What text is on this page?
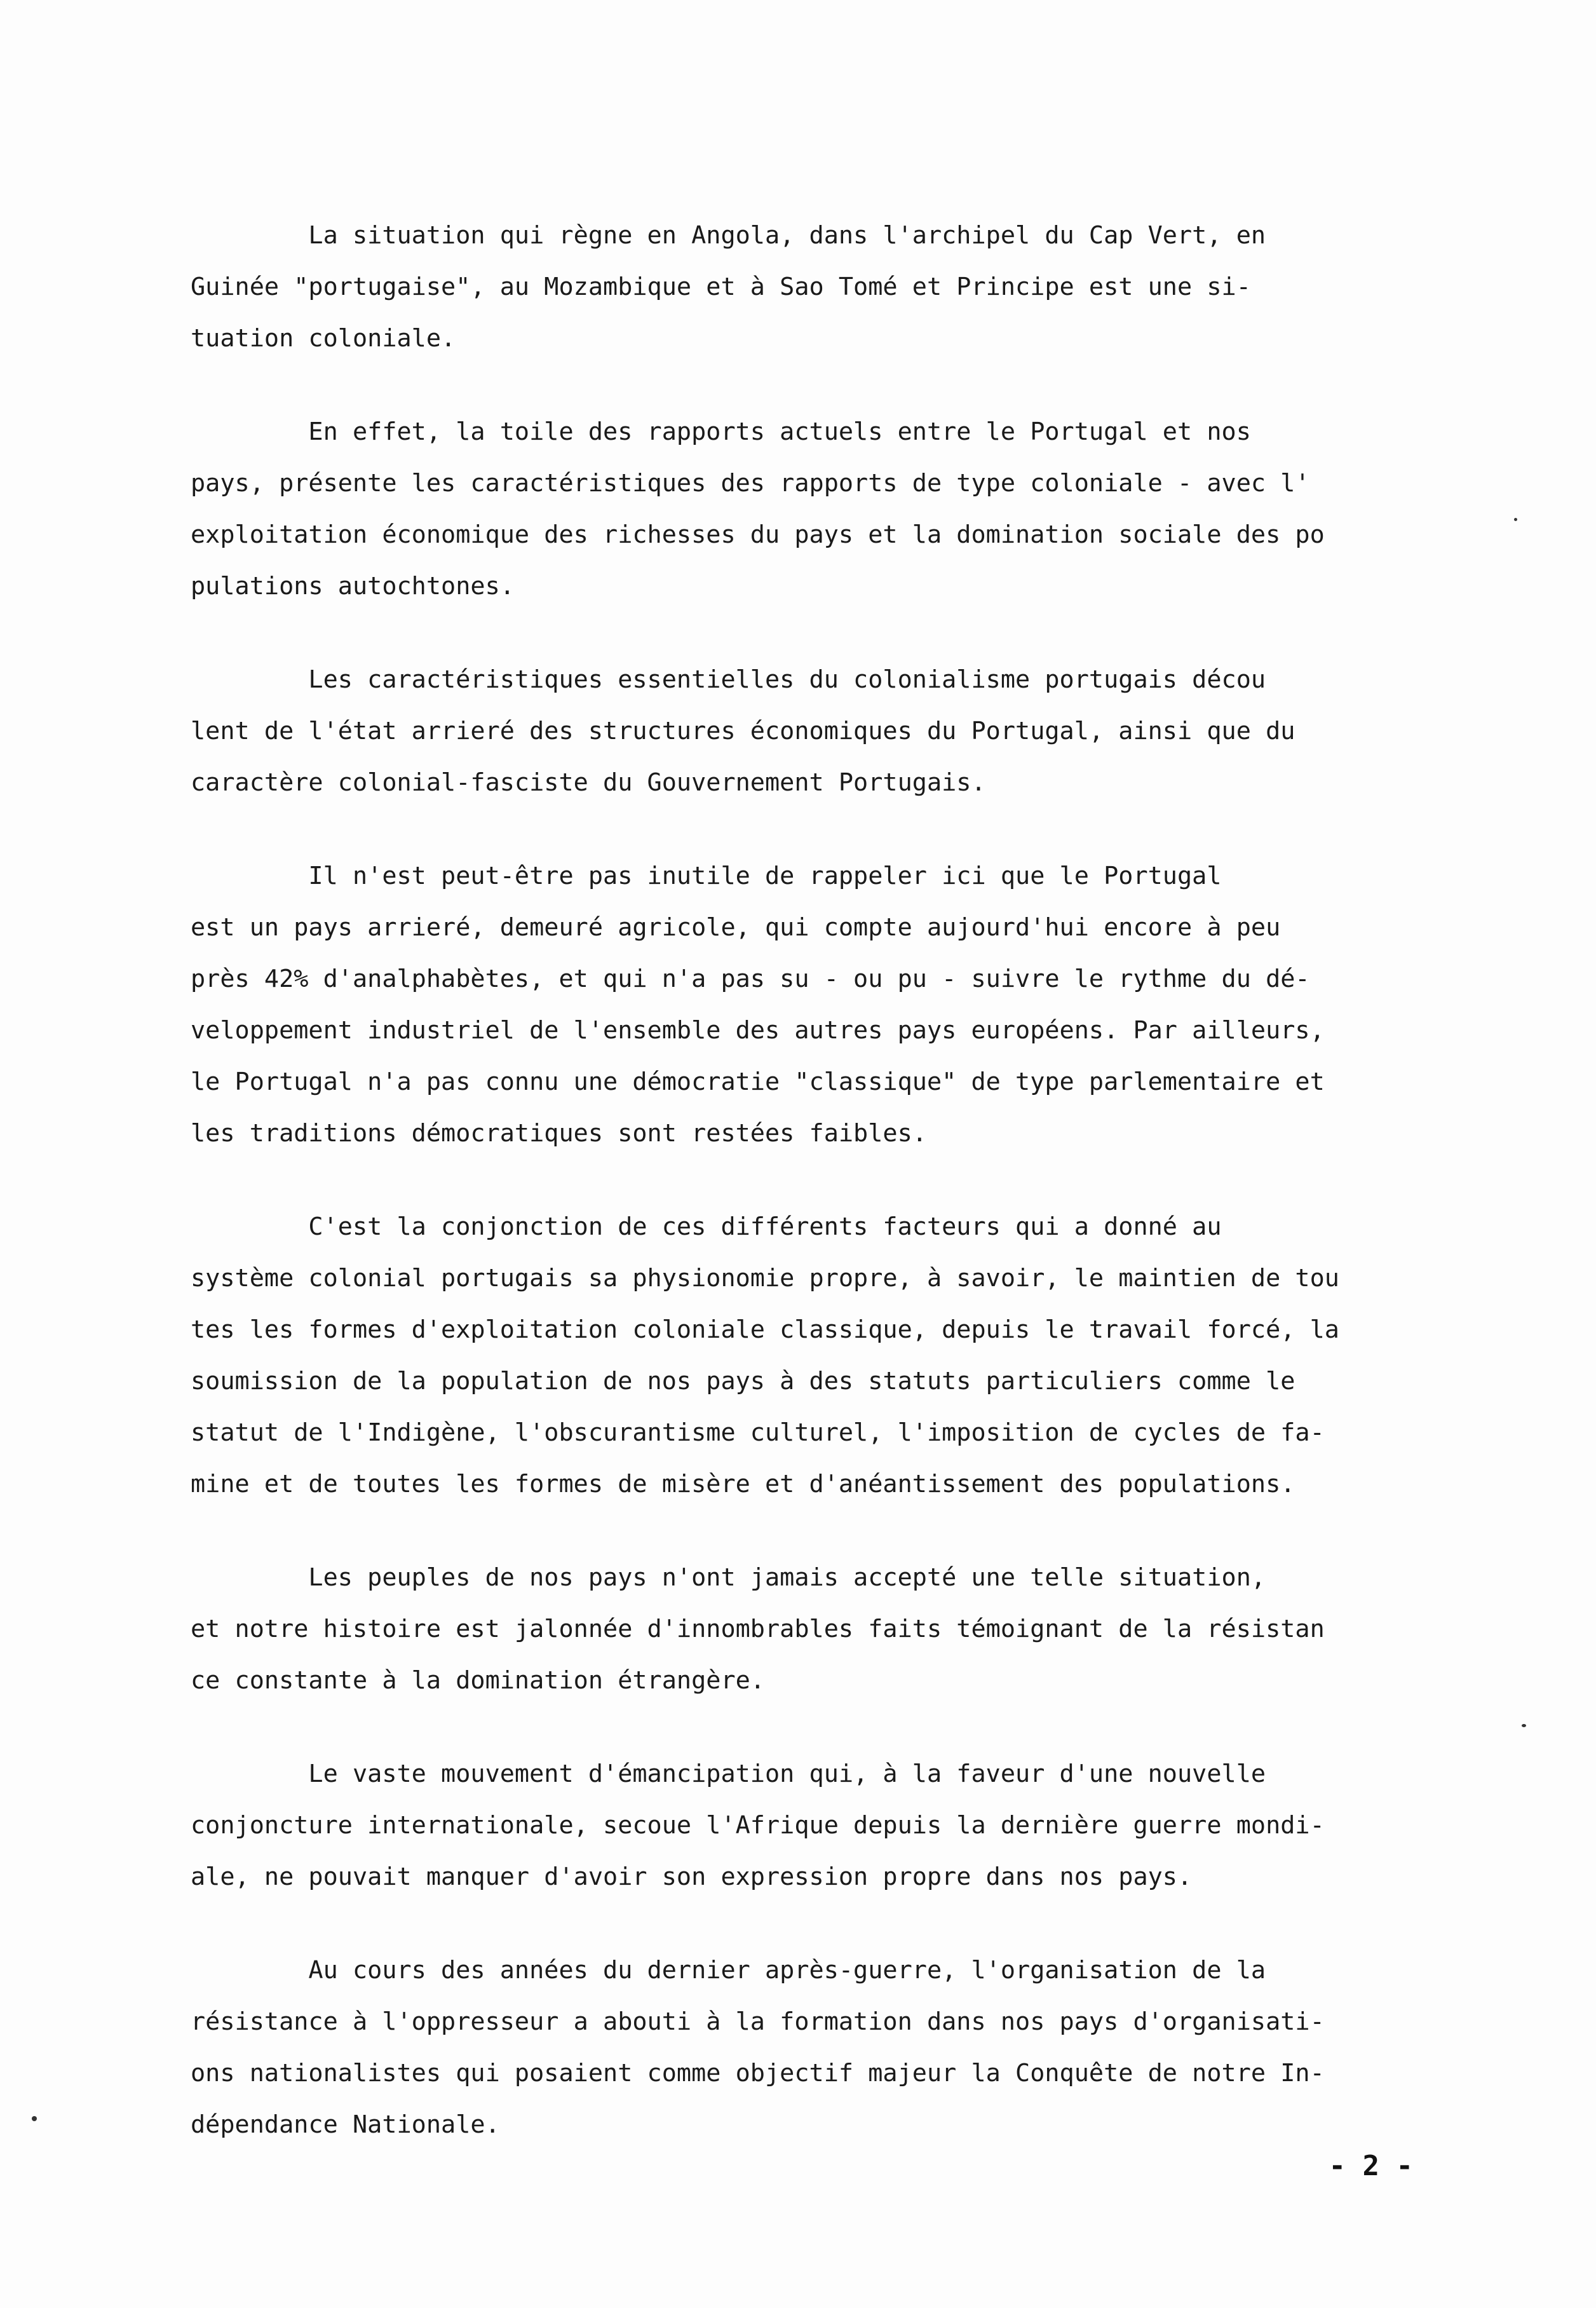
La situation qui règne en Angola, dans l'archipel du Cap Vert, en
Guinée "portugaise", au Mozambique et à Sao Tomé et Principe est une si-
tuation coloniale.

En effet, la toile des rapports actuels entre le Portugal et nos
pays, présente les caractéristiques des rapports de type coloniale - avec l'
exploitation économique des richesses du pays et la domination sociale des po
pulations autochtones.

Les caractéristiques essentielles du colonialisme portugais décou
lent de l'état arrieré des structures économiques du Portugal, ainsi que du
caractère colonial-fasciste du Gouvernement Portugais.

Il n'est peut-être pas inutile de rappeler ici que le Portugal
est un pays arrieré, demeuré agricole, qui compte aujourd'hui encore à peu
près 42% d'analphabètes, et qui n'a pas su - ou pu - suivre le rythme du dé-
veloppement industriel de l'ensemble des autres pays européens. Par ailleurs,
le Portugal n'a pas connu une démocratie "classique" de type parlementaire et
les traditions démocratiques sont restées faibles.

C'est la conjonction de ces différents facteurs qui a donné au
système colonial portugais sa physionomie propre, à savoir, le maintien de tou
tes les formes d'exploitation coloniale classique, depuis le travail forcé, la
soumission de la population de nos pays à des statuts particuliers comme le
statut de l'Indigène, l'obscurantisme culturel, l'imposition de cycles de fa-
mine et de toutes les formes de misère et d'anéantissement des populations.

Les peuples de nos pays n'ont jamais accepté une telle situation,
et notre histoire est jalonnée d'innombrables faits témoignant de la résistan
ce constante à la domination étrangère.

Le vaste mouvement d'émancipation qui, à la faveur d'une nouvelle
conjoncture internationale, secoue l'Afrique depuis la dernière guerre mondi-
ale, ne pouvait manquer d'avoir son expression propre dans nos pays.

Au cours des années du dernier après-guerre, l'organisation de la
résistance à l'oppresseur a abouti à la formation dans nos pays d'organisati-
ons nationalistes qui posaient comme objectif majeur la Conquête de notre In-
dépendance Nationale.

- 2 -
